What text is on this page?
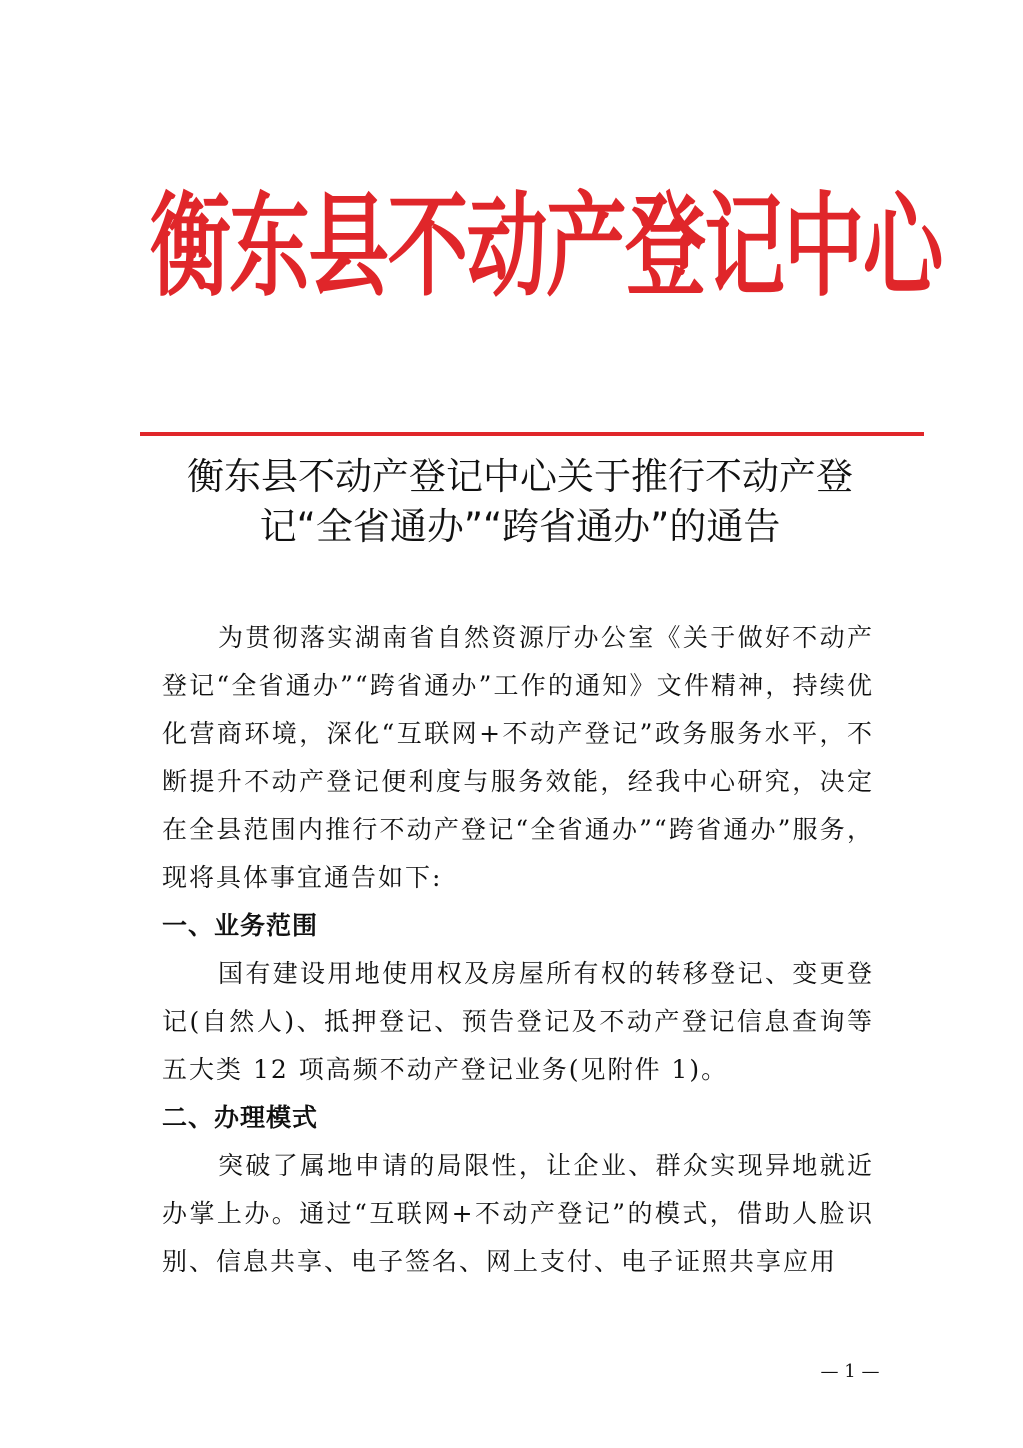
衡东县不动产登记中心
衡东县不动产登记中心关于推行不动产登
记“全省通办”“跨省通办”的通告

为贯彻落实湖南省自然资源厅办公室《关于做好不动产登记“全省通办”“跨省通办”工作的通知》文件精神，持续优化营商环境，深化“互联网+不动产登记”政务服务水平，不断提升不动产登记便利度与服务效能，经我中心研究，决定在全县范围内推行不动产登记“全省通办”“跨省通办”服务，现将具体事宜通告如下:

一、业务范围

国有建设用地使用权及房屋所有权的转移登记、变更登记(自然人)、抵押登记、预告登记及不动产登记信息查询等五大类 12 项高频不动产登记业务(见附件 1)。

二、办理模式

突破了属地申请的局限性，让企业、群众实现异地就近办掌上办。通过“互联网+不动产登记”的模式，借助人脸识别、信息共享、电子签名、网上支付、电子证照共享应用

— 1 —
